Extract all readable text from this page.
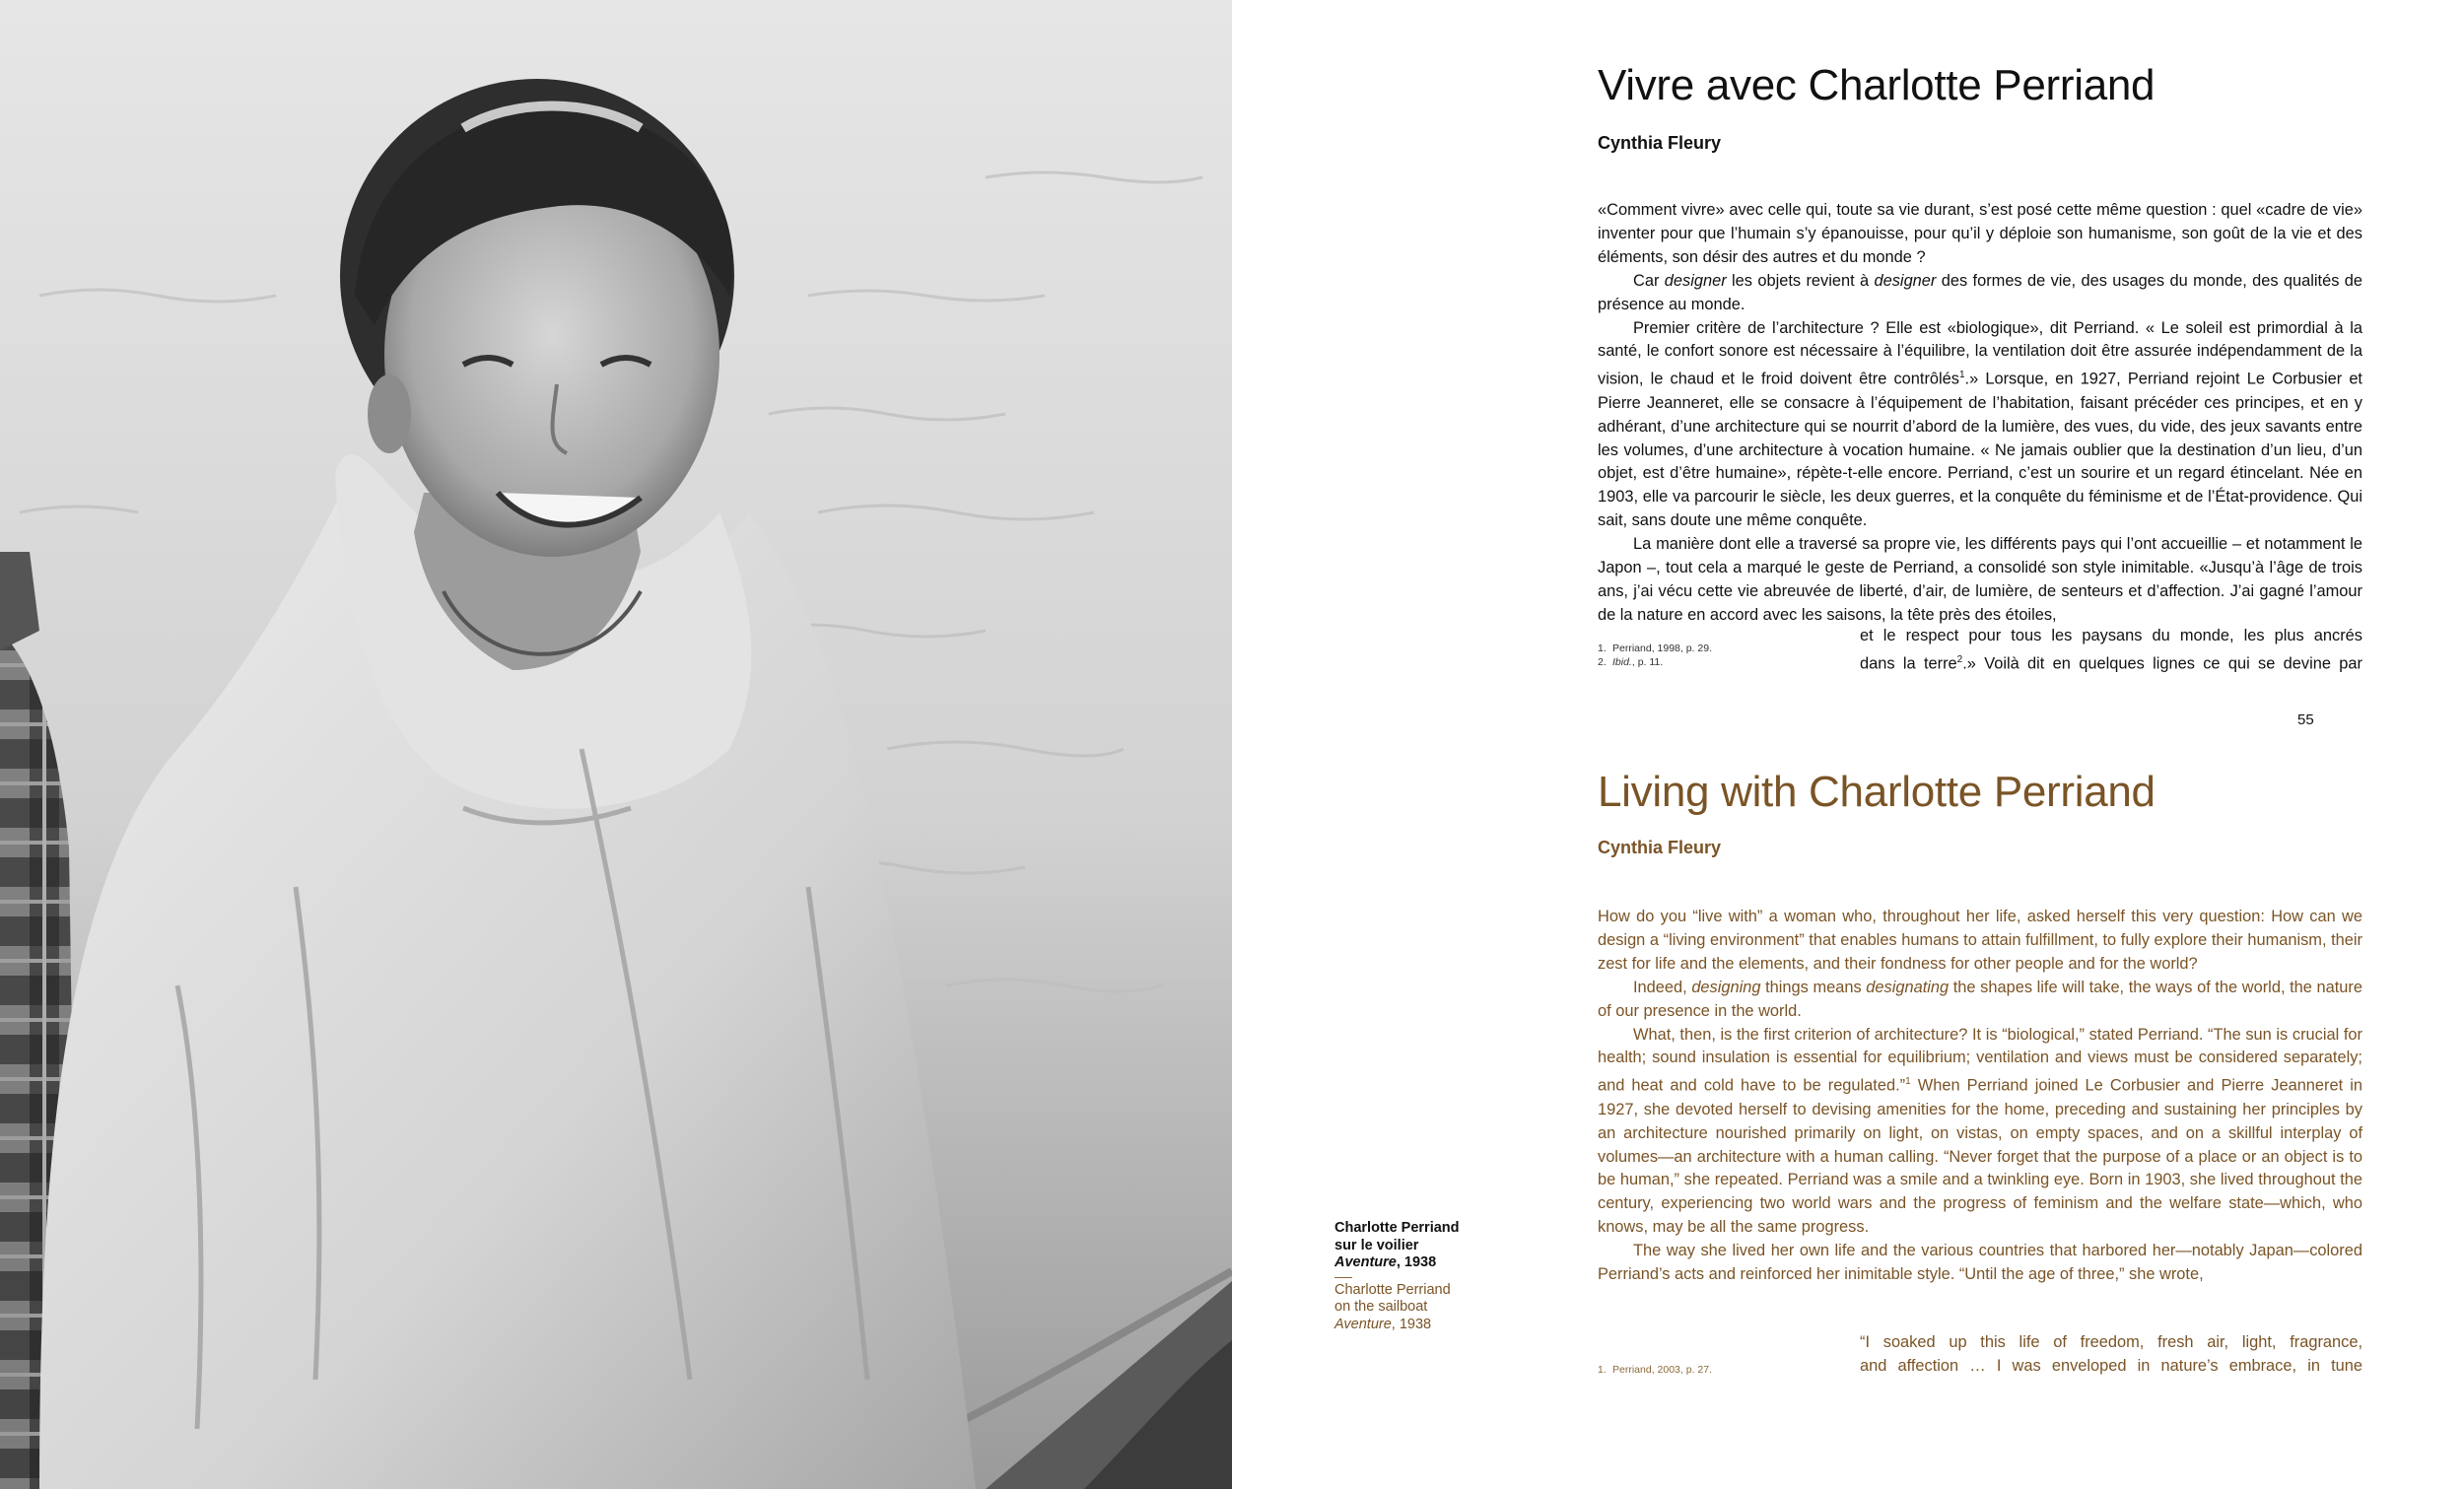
Charlotte Perriand sur le voilier Aventure, 1938
Charlotte Perriand on the sailboat Aventure, 1938
Vivre avec Charlotte Perriand
Cynthia Fleury

«Comment vivre» avec celle qui, toute sa vie durant, s’est posé cette même question : quel «cadre de vie» inventer pour que l’humain s’y épanouisse, pour qu’il y déploie son humanisme, son goût de la vie et des éléments, son désir des autres et du monde ?

Car designer les objets revient à designer des formes de vie, des usages du monde, des qualités de présence au monde.

Premier critère de l’architecture ? Elle est «biologique», dit Perriand. « Le soleil est primordial à la santé, le confort sonore est nécessaire à l’équilibre, la ventilation doit être assurée indépendamment de la vision, le chaud et le froid doivent être contrôlés$^1$.» Lorsque, en 1927, Perriand rejoint Le Corbusier et Pierre Jeanneret, elle se consacre à l’équipement de l’habitation, faisant précéder ces principes, et en y adhérant, d’une architecture qui se nourrit d’abord de la lumière, des vues, du vide, des jeux savants entre les volumes, d’une architecture à vocation humaine. « Ne jamais oublier que la destination d’un lieu, d’un objet, est d’être humaine», répète-t-elle encore. Perriand, c’est un sourire et un regard étincelant. Née en 1903, elle va parcourir le siècle, les deux guerres, et la conquête du féminisme et de l’État-providence. Qui sait, sans doute une même conquête.

La manière dont elle a traversé sa propre vie, les différents pays qui l’ont accueillie – et notamment le Japon –, tout cela a marqué le geste de Perriand, a consolidé son style inimitable. «Jusqu’à l’âge de trois ans, j’ai vécu cette vie abreuvée de liberté, d’air, de lumière, de senteurs et d’affection. J’ai gagné l’amour de la nature en accord avec les saisons, la tête près des étoiles,

et le respect pour tous les paysans du monde, les plus ancrés
dans la terre$^2$.» Voilà dit en quelques lignes ce qui se devine par
1. Perriand, 1998, p. 29.
2. Ibid., p. 11.
55
Living with Charlotte Perriand
Cynthia Fleury

How do you “live with” a woman who, throughout her life, asked herself this very question: How can we design a “living environment” that enables humans to attain fulfillment, to fully explore their humanism, their zest for life and the elements, and their fondness for other people and for the world?

Indeed, designing things means designating the shapes life will take, the ways of the world, the nature of our presence in the world.

What, then, is the first criterion of architecture? It is “biological,” stated Perriand. “The sun is crucial for health; sound insulation is essential for equilibrium; ventilation and views must be considered separately; and heat and cold have to be regulated.”$^1$ When Perriand joined Le Corbusier and Pierre Jeanneret in 1927, she devoted herself to devising amenities for the home, preceding and sustaining her principles by an architecture nourished primarily on light, on vistas, on empty spaces, and on a skillful interplay of volumes—an architecture with a human calling. “Never forget that the purpose of a place or an object is to be human,” she repeated. Perriand was a smile and a twinkling eye. Born in 1903, she lived throughout the century, experiencing two world wars and the progress of feminism and the welfare state—which, who knows, may be all the same progress.

The way she lived her own life and the various countries that harbored her—notably Japan—colored Perriand’s acts and reinforced her inimitable style. “Until the age of three,” she wrote,

“I soaked up this life of freedom, fresh air, light, fragrance,
and affection … I was enveloped in nature’s embrace, in tune
1. Perriand, 2003, p. 27.
